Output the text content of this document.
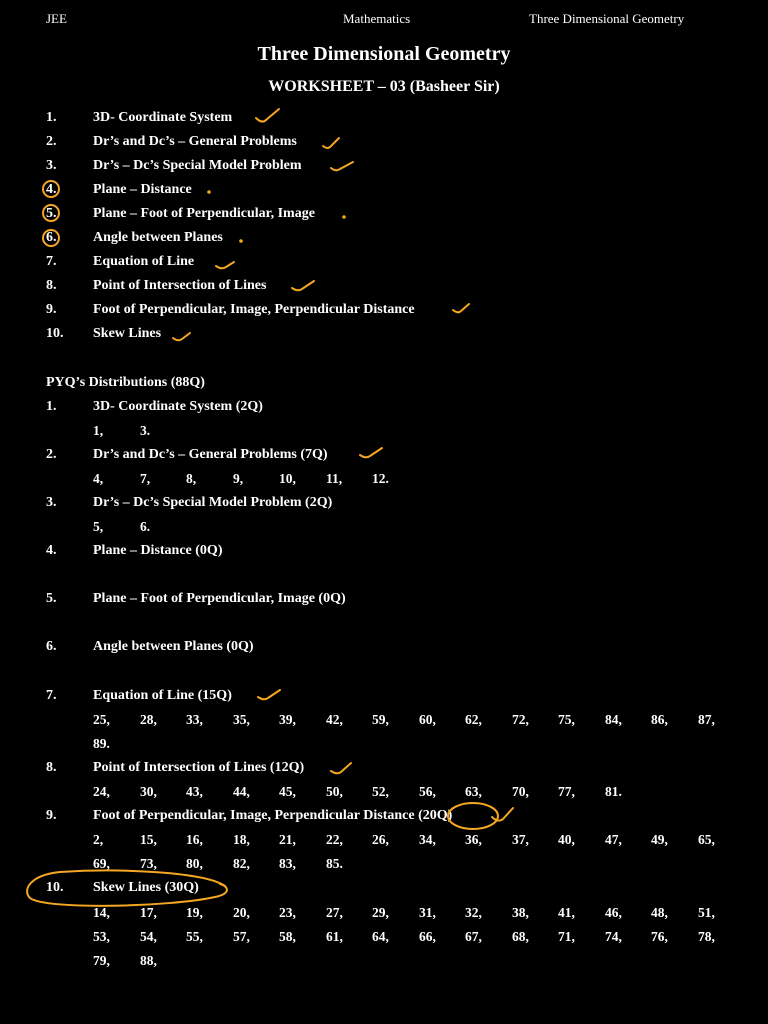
JEE	Mathematics	Three Dimensional Geometry
Three Dimensional Geometry
WORKSHEET – 03 (Basheer Sir)
1.	3D- Coordinate System
2.	Dr’s and Dc’s – General Problems
3.	Dr’s – Dc’s Special Model Problem
4.	Plane – Distance
5.	Plane – Foot of Perpendicular, Image
6.	Angle between Planes
7.	Equation of Line
8.	Point of Intersection of Lines
9.	Foot of Perpendicular, Image, Perpendicular Distance
10. Skew Lines
PYQ’s Distributions (88Q)
1.	3D- Coordinate System (2Q)
1,	3.
2.	Dr’s and Dc’s – General Problems (7Q)
4,	7,	8,	9,	10, 11, 12.
3.	Dr’s – Dc’s Special Model Problem (2Q)
5,	6.
4.	Plane – Distance (0Q)
5.	Plane – Foot of Perpendicular, Image (0Q)
6.	Angle between Planes (0Q)
7.	Equation of Line (15Q)
25, 28, 33, 35, 39, 42, 59, 60, 62, 72, 75, 84, 86, 87,
89.
8.	Point of Intersection of Lines (12Q)
24, 30, 43, 44, 45, 50, 52, 56, 63, 70, 77, 81.
9.	Foot of Perpendicular, Image, Perpendicular Distance (20Q)
2,	15, 16, 18, 21, 22, 26, 34, 36, 37, 40, 47, 49, 65,
69, 73, 80, 82, 83, 85.
10. Skew Lines (30Q)
14, 17, 19, 20, 23, 27, 29, 31, 32, 38, 41, 46, 48, 51,
53, 54, 55, 57, 58, 61, 64, 66, 67, 68, 71, 74, 76, 78,
79, 88,
